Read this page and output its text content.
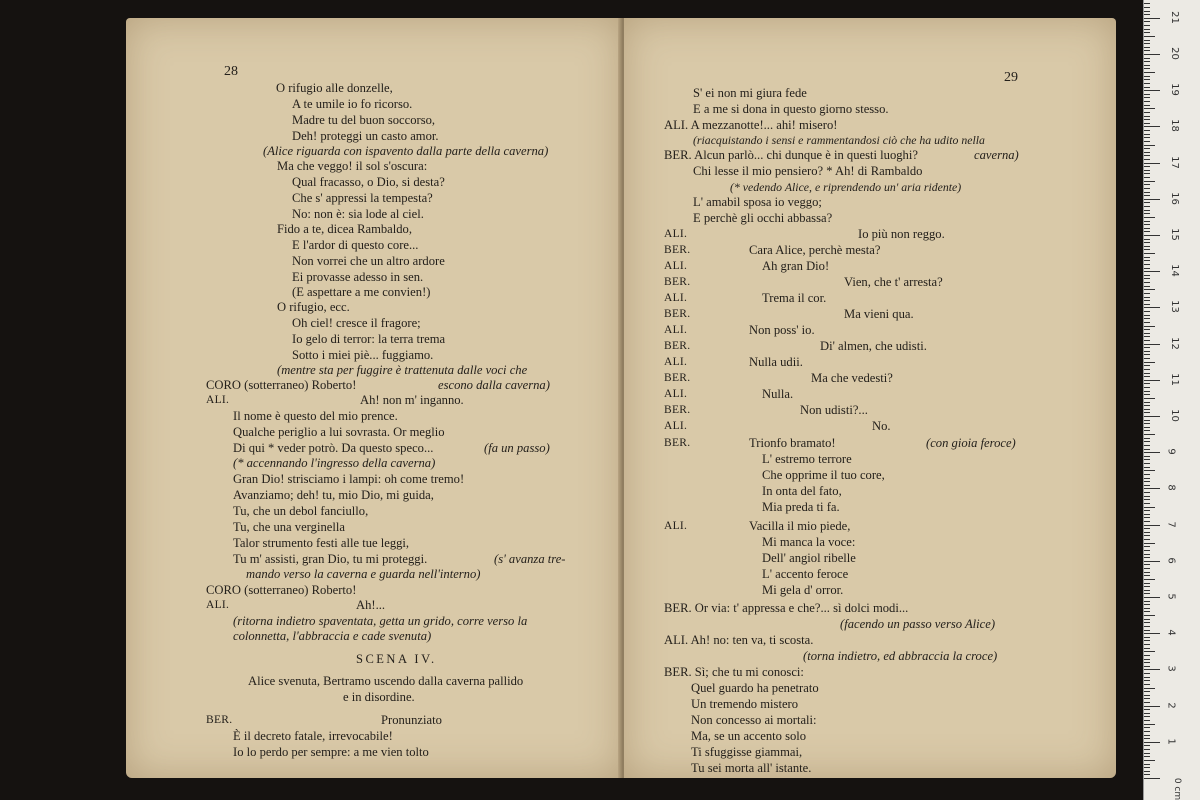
28
O rifugio alle donzelle,
A te umile io fo ricorso.
Madre tu del buon soccorso,
Deh! proteggi un casto amor.
(Alice riguarda con ispavento dalla parte della caverna)
Ma che veggo! il sol s'oscura:
Qual fracasso, o Dio, si desta?
Che s' appressi la tempesta?
No: non è: sia lode al ciel.
Fido a te, dicea Rambaldo,
E l'ardor di questo core...
Non vorrei che un altro ardore
Ei provasse adesso in sen.
(E aspettare a me convien!)
O rifugio, ecc.
Oh ciel! cresce il fragore;
Io gelo di terror: la terra trema
Sotto i miei piè... fuggiamo.
(mentre sta per fuggire è trattenuta dalle voci che
CORO (sotterraneo) Roberto!	escono dalla caverna)
ALI.	Ah! non m' inganno.
Il nome è questo del mio prence.
Qualche periglio a lui sovrasta. Or meglio
Di qui * veder potrò. Da questo speco...	(fa un passo)
(* accennando l'ingresso della caverna)
Gran Dio! strisciamo i lampi: oh come tremo!
Avanziamo; deh! tu, mio Dio, mi guida,
Tu, che un debol fanciullo,
Tu, che una verginella
Talor strumento festi alle tue leggi,
Tu m' assisti, gran Dio, tu mi proteggi.	(s' avanza tre-
mando verso la caverna e guarda nell'interno)
CORO (sotterraneo) Roberto!
ALI.	Ah!...
(ritorna indietro spaventata, getta un grido, corre verso la
colonnetta, l'abbraccia e cade svenuta)
SCENA IV.
Alice svenuta, Bertramo uscendo dalla caverna pallido
e in disordine.
BER.	Pronunziato
È il decreto fatale, irrevocabile!
Io lo perdo per sempre: a me vien tolto
29
S' ei non mi giura fede
E a me si dona in questo giorno stesso.
ALI. A mezzanotte!... ahi! misero!
(riacquistando i sensi e rammentandosi ciò che ha udito nella
BER. Alcun parlò... chi dunque è in questi luoghi?	caverna)
Chi lesse il mio pensiero? * Ah! di Rambaldo
(* vedendo Alice, e riprendendo un' aria ridente)
L' amabil sposa io veggo;
E perchè gli occhi abbassa?
ALI.	Io più non reggo.
BER.	Cara Alice, perchè mesta?
ALI.	Ah gran Dio!
BER.	Vien, che t' arresta?
ALI.	Trema il cor.
BER.	Ma vieni qua.
ALI.	Non poss' io.
BER.	Di' almen, che udisti.
ALI.	Nulla udii.
BER.	Ma che vedesti?
ALI.	Nulla.
BER.	Non udisti?...
ALI.	No.
BER.	Trionfo bramato!	(con gioia feroce)
L' estremo terrore
Che opprime il tuo core,
In onta del fato,
Mia preda ti fa.
ALI.	Vacilla il mio piede,
Mi manca la voce:
Dell' angiol ribelle
L' accento feroce
Mi gela d' orror.
BER. Or via: t' appressa e che?... sì dolci modi...
(facendo un passo verso Alice)
ALI. Ah! no: ten va, ti scosta.
(torna indietro, ed abbraccia la croce)
BER. Sì; che tu mi conosci:
Quel guardo ha penetrato
Un tremendo mistero
Non concesso ai mortali:
Ma, se un accento solo
Ti sfuggisse giammai,
Tu sei morta all' istante.
0 cm
1
2
3
4
5
6
7
8
9
10
11
12
13
14
15
16
17
18
19
20
21
